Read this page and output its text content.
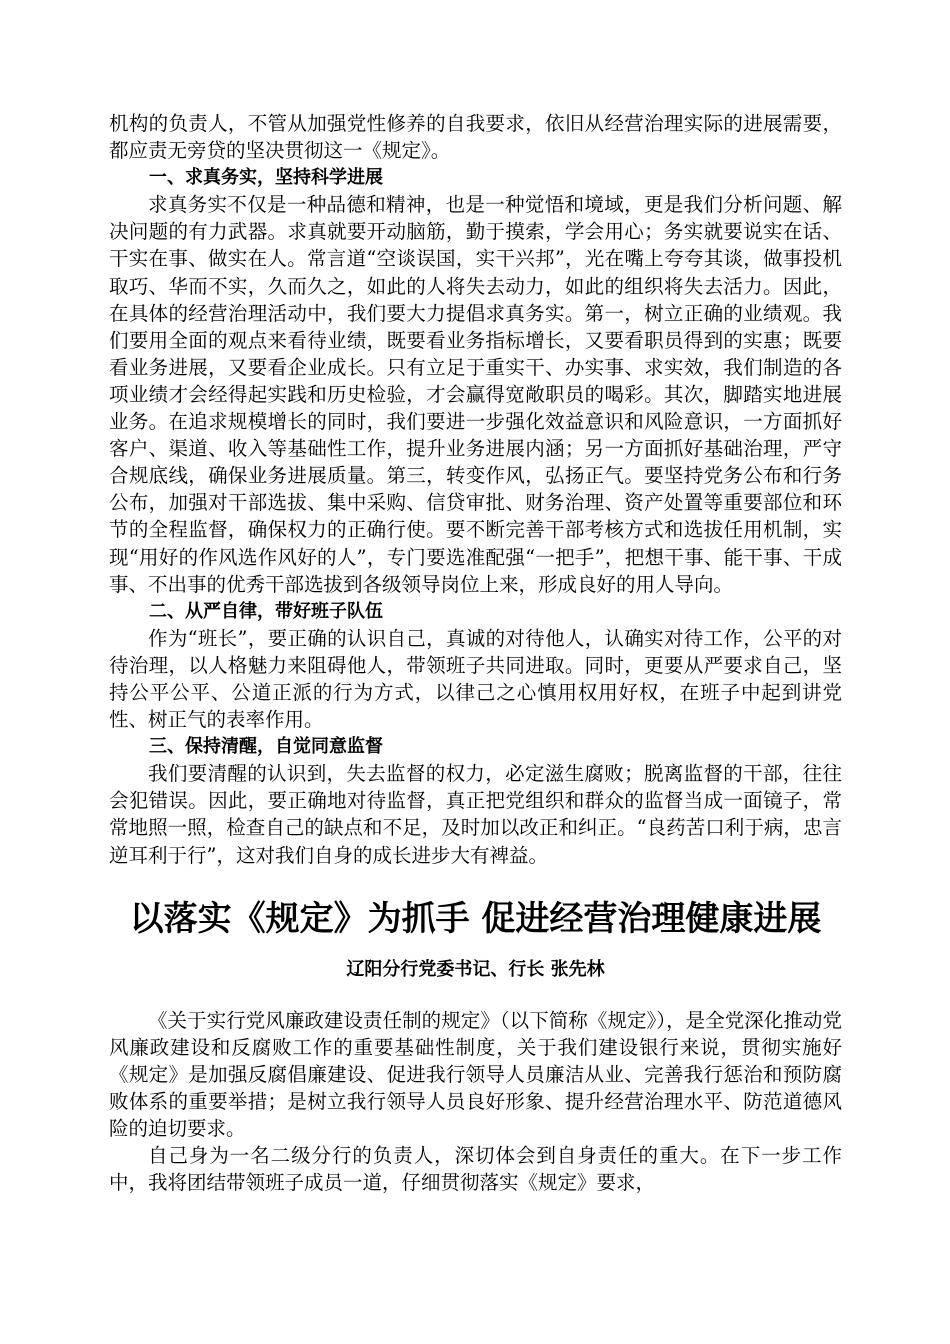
机构的负责人，不管从加强党性修养的自我要求，依旧从经营治理实际的进展需要，都应责无旁贷的坚决贯彻这一《规定》。

一、求真务实，坚持科学进展

求真务实不仅是一种品德和精神，也是一种觉悟和境域，更是我们分析问题、解决问题的有力武器。求真就要开动脑筋，勤于摸索，学会用心；务实就要说实在话、干实在事、做实在人。常言道“空谈误国，实干兴邦”，光在嘴上夸夸其谈，做事投机取巧、华而不实，久而久之，如此的人将失去动力，如此的组织将失去活力。因此，在具体的经营治理活动中，我们要大力提倡求真务实。第一，树立正确的业绩观。我们要用全面的观点来看待业绩，既要看业务指标增长，又要看职员得到的实惠；既要看业务进展，又要看企业成长。只有立足于重实干、办实事、求实效，我们制造的各项业绩才会经得起实践和历史检验，才会赢得宽敞职员的喝彩。其次，脚踏实地进展业务。在追求规模增长的同时，我们要进一步强化效益意识和风险意识，一方面抓好客户、渠道、收入等基础性工作，提升业务进展内涵；另一方面抓好基础治理，严守合规底线，确保业务进展质量。第三，转变作风，弘扬正气。要坚持党务公布和行务公布，加强对干部选拔、集中采购、信贷审批、财务治理、资产处置等重要部位和环节的全程监督，确保权力的正确行使。要不断完善干部考核方式和选拔任用机制，实现“用好的作风选作风好的人”，专门要选准配强“一把手”，把想干事、能干事、干成事、不出事的优秀干部选拔到各级领导岗位上来，形成良好的用人导向。

二、从严自律，带好班子队伍

作为“班长”，要正确的认识自己，真诚的对待他人，认确实对待工作，公平的对待治理，以人格魅力来阻碍他人，带领班子共同进取。同时，更要从严要求自己，坚持公平公平、公道正派的行为方式，以律己之心慎用权用好权，在班子中起到讲党性、树正气的表率作用。

三、保持清醒，自觉同意监督

我们要清醒的认识到，失去监督的权力，必定滋生腐败；脱离监督的干部，往往会犯错误。因此，要正确地对待监督，真正把党组织和群众的监督当成一面镜子，常常地照一照，检查自己的缺点和不足，及时加以改正和纠正。“良药苦口利于病，忠言逆耳利于行”，这对我们自身的成长进步大有裨益。

以落实《规定》为抓手 促进经营治理健康进展
辽阳分行党委书记、行长 张先林

《关于实行党风廉政建设责任制的规定》（以下简称《规定》），是全党深化推动党风廉政建设和反腐败工作的重要基础性制度，关于我们建设银行来说，贯彻实施好《规定》是加强反腐倡廉建设、促进我行领导人员廉洁从业、完善我行惩治和预防腐败体系的重要举措；是树立我行领导人员良好形象、提升经营治理水平、防范道德风险的迫切要求。

自己身为一名二级分行的负责人，深切体会到自身责任的重大。在下一步工作中，我将团结带领班子成员一道，仔细贯彻落实《规定》要求，
